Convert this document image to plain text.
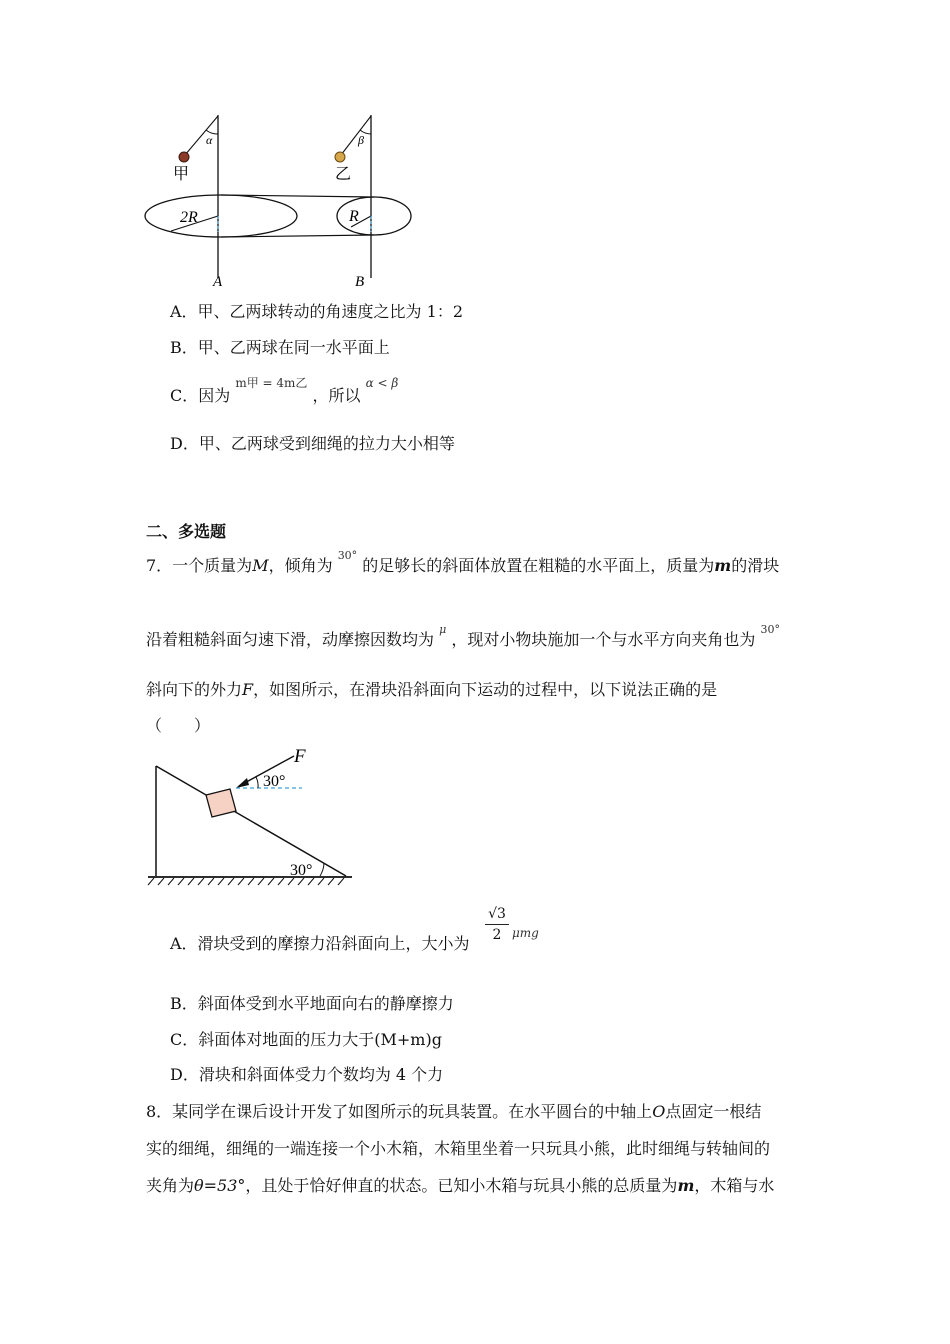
甲	乙
α	β
2R	R
A	B
A．甲、乙两球转动的角速度之比为 1：2
B．甲、乙两球在同一水平面上
C．因为 $^{m甲 = 4m乙}$ ，所以 $^{\alpha < \beta}$
D．甲、乙两球受到细绳的拉力大小相等
二、多选题
7．一个质量为M，倾角为 $^{30^\circ}$ 的足够长的斜面体放置在粗糙的水平面上，质量为m的滑块
沿着粗糙斜面匀速下滑，动摩擦因数均为 $^\mu$ ，现对小物块施加一个与水平方向夹角也为 $^{30^\circ}$
斜向下的外力F，如图所示，在滑块沿斜面向下运动的过程中，以下说法正确的是
（　　）
F
30°
30°
A．滑块受到的摩擦力沿斜面向上，大小为
$\frac{√3}{2}$ μmg
B．斜面体受到水平地面向右的静摩擦力
C．斜面体对地面的压力大于(M+m)g
D．滑块和斜面体受力个数均为 4 个力
8．某同学在课后设计开发了如图所示的玩具装置。在水平圆台的中轴上O点固定一根结
实的细绳，细绳的一端连接一个小木箱，木箱里坐着一只玩具小熊，此时细绳与转轴间的
夹角为θ=53°，且处于恰好伸直的状态。已知小木箱与玩具小熊的总质量为m，木箱与水
